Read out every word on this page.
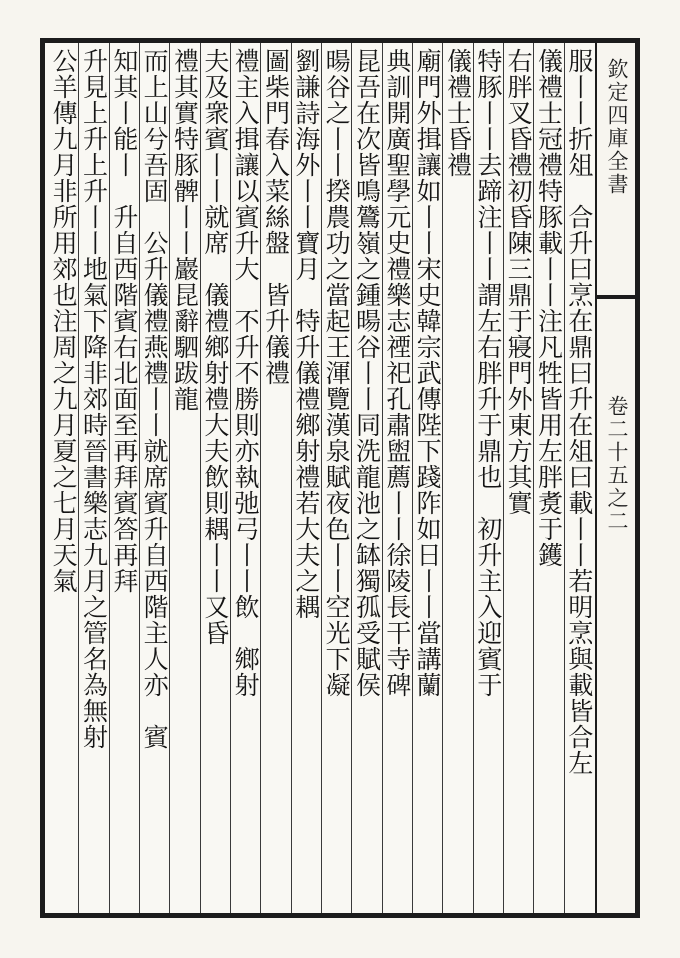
欽定四庫全書
卷二十五之二
服丨丨折俎　合升曰烹在鼎曰升在俎曰載丨丨若明烹與載皆合左
儀禮士冠禮特豚載丨丨注凡牲皆用左胖煑于鑊
右胖叉昏禮初昏陳三鼎于寢門外東方其實
特豚丨丨去蹄注丨丨謂左右胖升于鼎也　初升主入迎賓于
儀禮士昏禮
廟門外揖讓如丨丨宋史韓宗武傳陛下踐阼如日丨丨當講蘭
典訓開廣聖學元史禮樂志禋祀孔肅盥薦丨丨徐陵長干寺碑
昆吾在次皆鳴鷟嶺之鍾暘谷丨丨同洗龍池之缽獨孤受賦侯
暘谷之丨丨揆農功之當起王渾覽漢泉賦夜色丨丨空光下凝
劉謙詩海外丨丨寶月　特升儀禮鄉射禮若大夫之耦
圖柴門春入菜絲盤　皆升儀禮
禮主入揖讓以賓升大　不升不勝則亦執弛弓丨丨飲　鄉射
夫及衆賓丨丨就席　儀禮鄉射禮大夫飲則耦丨丨又昏
禮其實特豚髀丨丨巖昆辭駟跋龍
而上山兮吾固　公升儀禮燕禮丨丨就席賓升自西階主人亦　賓
知其丨能丨　升自西階賓右北面至再拜賓答再拜
升見上升上升丨丨地氣下降非郊時晉書樂志九月之管名為無射
公羊傳九月非所用郊也注周之九月夏之七月天氣
